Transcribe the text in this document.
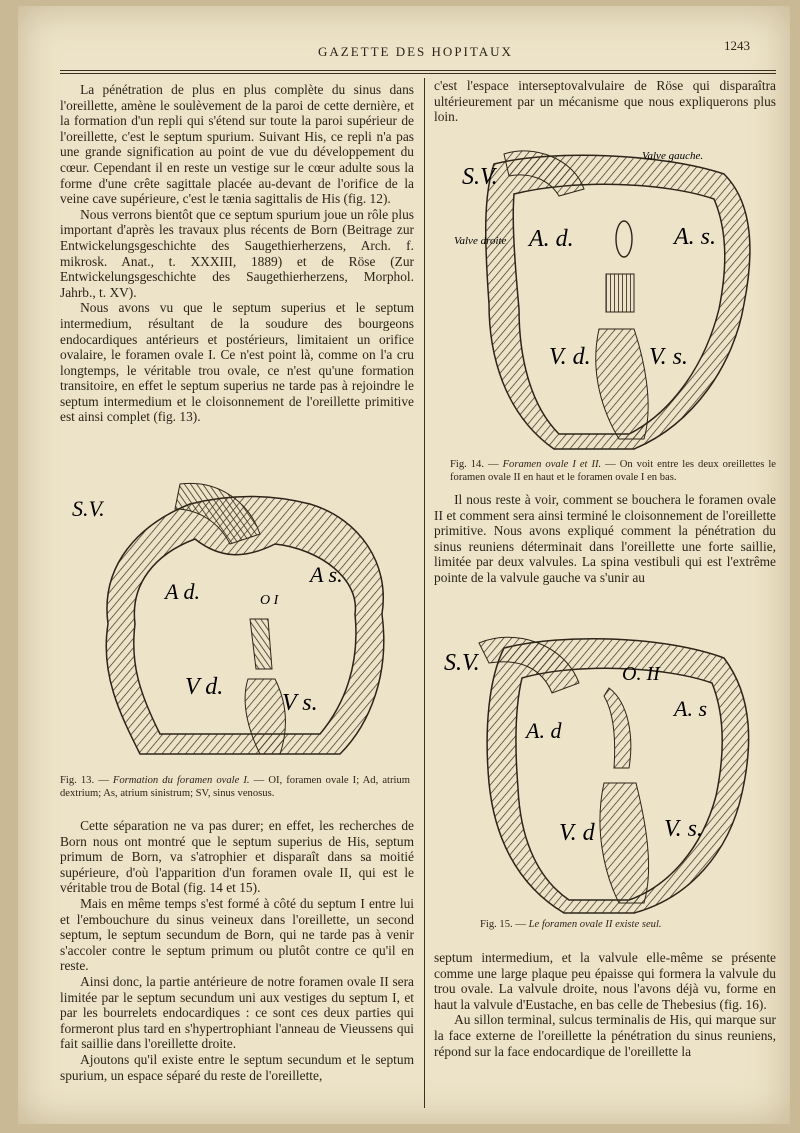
GAZETTE DES HOPITAUX	1243

La pénétration de plus en plus complète du sinus dans l'oreillette, amène le soulèvement de la paroi de cette dernière, et la formation d'un repli qui s'étend sur toute la paroi supérieur de l'oreillette, c'est le septum spurium. Suivant His, ce repli n'a pas une grande signification au point de vue du développement du cœur. Cependant il en reste un vestige sur le cœur adulte sous la forme d'une crête sagittale placée au-devant de l'orifice de la veine cave supérieure, c'est le tænia sagittalis de His (fig. 12).

Nous verrons bientôt que ce septum spurium joue un rôle plus important d'après les travaux plus récents de Born (Beitrage zur Entwickelungsgeschichte des Saugethierherzens, Arch. f. mikrosk. Anat., t. XXXIII, 1889) et de Röse (Zur Entwickelungsgeschichte des Saugethierherzens, Morphol. Jahrb., t. XV).

Nous avons vu que le septum superius et le septum intermedium, résultant de la soudure des bourgeons endocardiques antérieurs et postérieurs, limitaient un orifice ovalaire, le foramen ovale I. Ce n'est point là, comme on l'a cru longtemps, le véritable trou ovale, ce n'est qu'une formation transitoire, en effet le septum superius ne tarde pas à rejoindre le septum intermedium et le cloisonnement de l'oreillette primitive est ainsi complet (fig. 13).

S.V.
A d.
A s.
O I
V d.
V s.
Fig. 13. — Formation du foramen ovale I. — OI, foramen ovale I; Ad, atrium dextrium; As, atrium sinistrum; SV, sinus venosus.

Cette séparation ne va pas durer; en effet, les recherches de Born nous ont montré que le septum superius de His, septum primum de Born, va s'atrophier et disparaît dans sa moitié supérieure, d'où l'apparition d'un foramen ovale II, qui est le véritable trou de Botal (fig. 14 et 15).

Mais en même temps s'est formé à côté du septum I entre lui et l'embouchure du sinus veineux dans l'oreillette, un second septum, le septum secundum de Born, qui ne tarde pas à venir s'accoler contre le septum primum ou plutôt contre ce qu'il en reste.

Ainsi donc, la partie antérieure de notre foramen ovale II sera limitée par le septum secundum uni aux vestiges du septum I, et par les bourrelets endocardiques : ce sont ces deux parties qui formeront plus tard en s'hypertrophiant l'anneau de Vieussens qui fait saillie dans l'oreillette droite.

Ajoutons qu'il existe entre le septum secundum et le septum spurium, un espace séparé du reste de l'oreillette,

c'est l'espace interseptovalvulaire de Röse qui disparaîtra ultérieurement par un mécanisme que nous expliquerons plus loin.

S.V.
Valve gauche.
Valve droite A. d.	A. s.
V. d. V. s.
Fig. 14. — Foramen ovale I et II. — On voit entre les deux oreillettes le foramen ovale II en haut et le foramen ovale I en bas.

Il nous reste à voir, comment se bouchera le foramen ovale II et comment sera ainsi terminé le cloisonnement de l'oreillette primitive. Nous avons expliqué comment la pénétration du sinus reuniens déterminait dans l'oreillette une forte saillie, limitée par deux valvules. La spina vestibuli qui est l'extrême pointe de la valvule gauche va s'unir au

S.V.	O. II
A. s
A. d
V. d	V. s.
Fig. 15. — Le foramen ovale II existe seul.

septum intermedium, et la valvule elle-même se présente comme une large plaque peu épaisse qui formera la valvule du trou ovale. La valvule droite, nous l'avons déjà vu, forme en haut la valvule d'Eustache, en bas celle de Thebesius (fig. 16).

Au sillon terminal, sulcus terminalis de His, qui marque sur la face externe de l'oreillette la pénétration du sinus reuniens, répond sur la face endocardique de l'oreillette la
